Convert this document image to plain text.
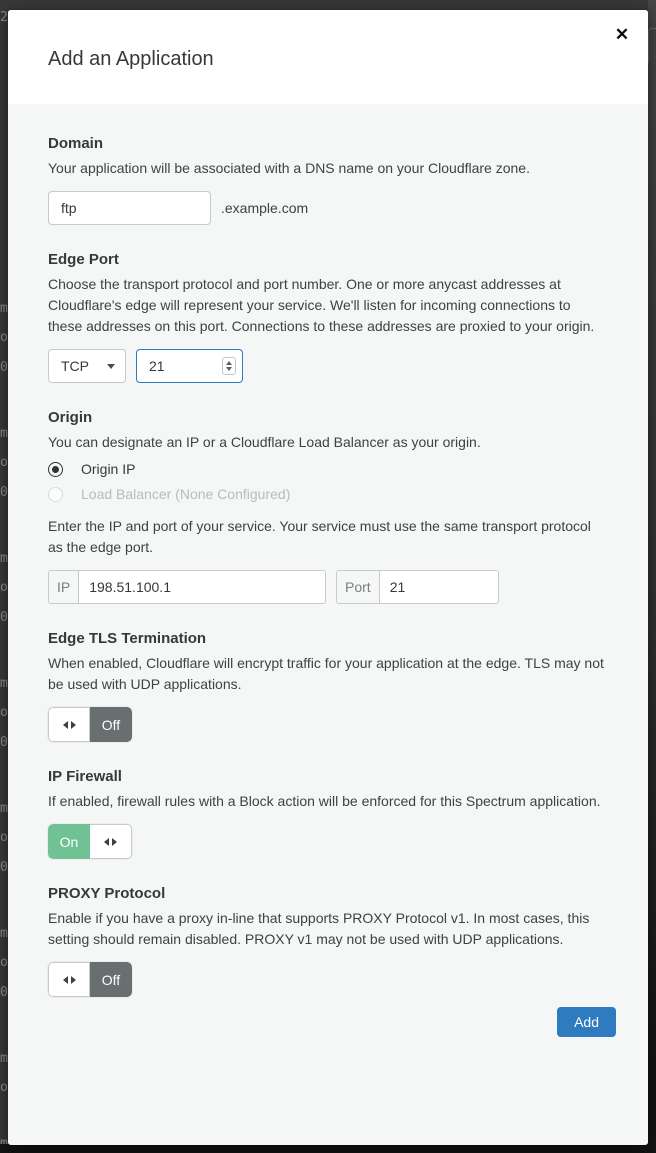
2
m
o
0
m
o
0
m
o
0
m
o
0
m
o
0
m
o
0
m
o
Add an Application
✕
Domain

Your application will be associated with a DNS name on your Cloudflare zone.

ftp
.example.com
Edge Port

Choose the transport protocol and port number. One or more anycast addresses at Cloudflare's edge will represent your service. We'll listen for incoming connections to these addresses on this port. Connections to these addresses are proxied to your origin.

TCP
21
Origin

You can designate an IP or a Cloudflare Load Balancer as your origin.

Origin IP
Load Balancer (None Configured)

Enter the IP and port of your service. Your service must use the same transport protocol as the edge port.

IP
198.51.100.1	Port
21
Edge TLS Termination

When enabled, Cloudflare will encrypt traffic for your application at the edge. TLS may not be used with UDP applications.

Off
IP Firewall

If enabled, firewall rules with a Block action will be enforced for this Spectrum application.

On
PROXY Protocol

Enable if you have a proxy in-line that supports PROXY Protocol v1. In most cases, this setting should remain disabled. PROXY v1 may not be used with UDP applications.

Off
Add
